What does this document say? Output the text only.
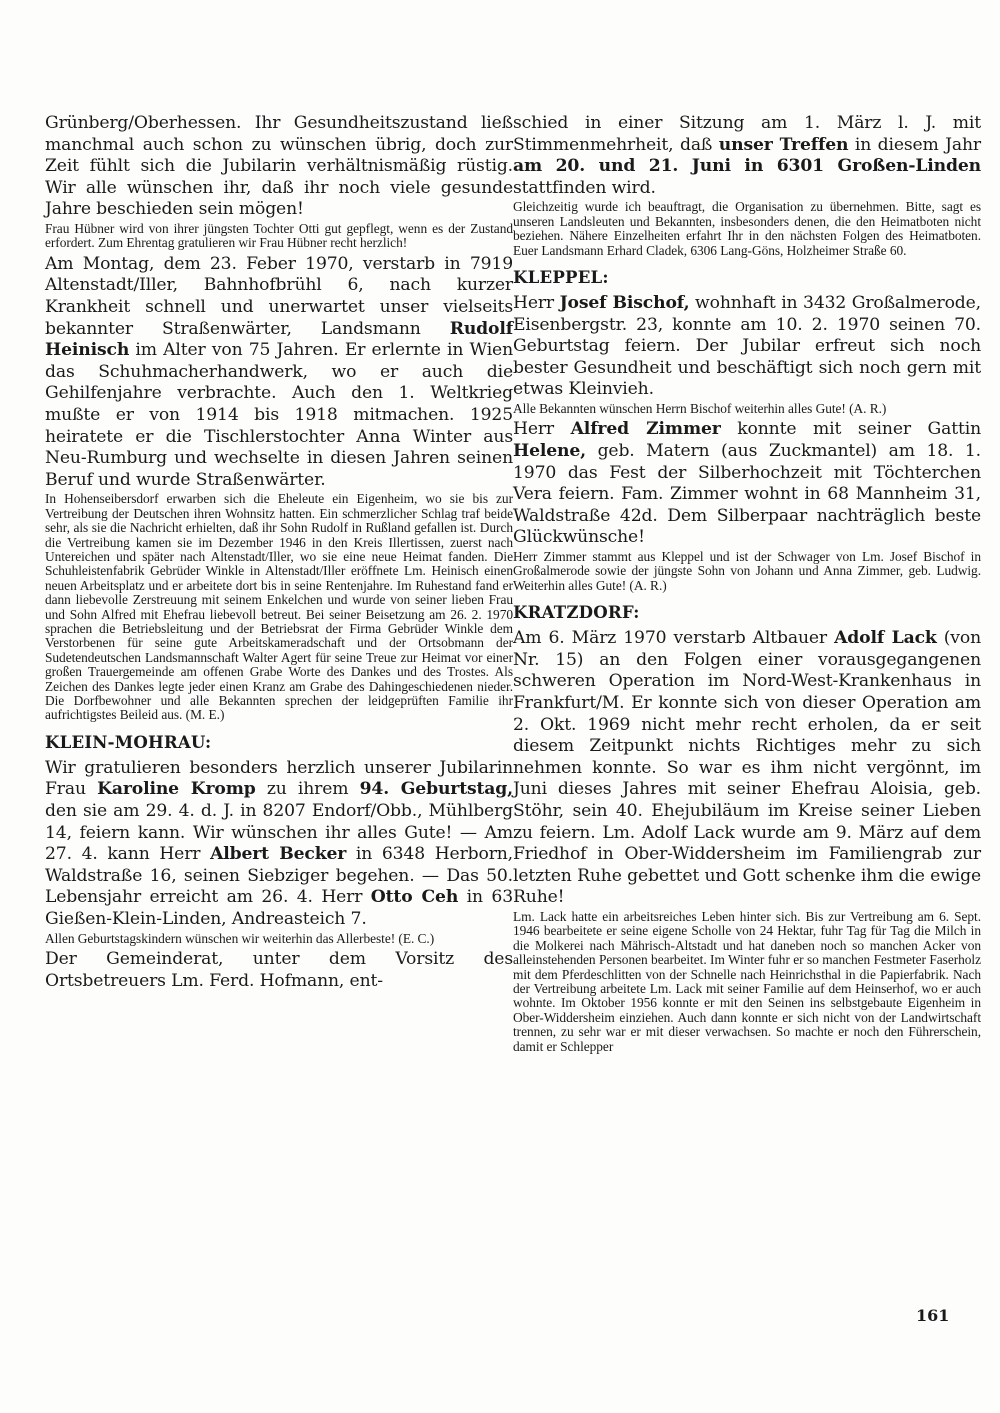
Grünberg/Oberhessen. Ihr Gesundheitszustand ließ manchmal auch schon zu wünschen übrig, doch zur Zeit fühlt sich die Jubilarin verhältnismäßig rüstig. Wir alle wünschen ihr, daß ihr noch viele gesunde Jahre beschieden sein mögen!

Frau Hübner wird von ihrer jüngsten Tochter Otti gut gepflegt, wenn es der Zustand erfordert. Zum Ehrentag gratulieren wir Frau Hübner recht herzlich!

Am Montag, dem 23. Feber 1970, verstarb in 7919 Altenstadt/Iller, Bahnhofbrühl 6, nach kurzer Krankheit schnell und unerwartet unser vielseits bekannter Straßenwärter, Landsmann Rudolf Heinisch im Alter von 75 Jahren. Er erlernte in Wien das Schuhmacherhandwerk, wo er auch die Gehilfenjahre verbrachte. Auch den 1. Weltkrieg mußte er von 1914 bis 1918 mitmachen. 1925 heiratete er die Tischlerstochter Anna Winter aus Neu-Rumburg und wechselte in diesen Jahren seinen Beruf und wurde Straßenwärter.

In Hohenseibersdorf erwarben sich die Eheleute ein Eigenheim, wo sie bis zur Vertreibung der Deutschen ihren Wohnsitz hatten. Ein schmerzlicher Schlag traf beide sehr, als sie die Nachricht erhielten, daß ihr Sohn Rudolf in Rußland gefallen ist. Durch die Vertreibung kamen sie im Dezember 1946 in den Kreis Illertissen, zuerst nach Untereichen und später nach Altenstadt/Iller, wo sie eine neue Heimat fanden. Die Schuhleistenfabrik Gebrüder Winkle in Altenstadt/Iller eröffnete Lm. Heinisch einen neuen Arbeitsplatz und er arbeitete dort bis in seine Rentenjahre. Im Ruhestand fand er dann liebevolle Zerstreuung mit seinem Enkelchen und wurde von seiner lieben Frau und Sohn Alfred mit Ehefrau liebevoll betreut. Bei seiner Beisetzung am 26. 2. 1970 sprachen die Betriebsleitung und der Betriebsrat der Firma Gebrüder Winkle dem Verstorbenen für seine gute Arbeitskameradschaft und der Ortsobmann der Sudetendeutschen Landsmannschaft Walter Agert für seine Treue zur Heimat vor einer großen Trauergemeinde am offenen Grabe Worte des Dankes und des Trostes. Als Zeichen des Dankes legte jeder einen Kranz am Grabe des Dahingeschiedenen nieder. Die Dorfbewohner und alle Bekannten sprechen der leidgeprüften Familie ihr aufrichtigstes Beileid aus. (M. E.)

KLEIN-MOHRAU:

Wir gratulieren besonders herzlich unserer Jubilarin Frau Karoline Kromp zu ihrem 94. Geburtstag, den sie am 29. 4. d. J. in 8207 Endorf/Obb., Mühlberg 14, feiern kann. Wir wünschen ihr alles Gute! — Am 27. 4. kann Herr Albert Becker in 6348 Herborn, Waldstraße 16, seinen Siebziger begehen. — Das 50. Lebensjahr erreicht am 26. 4. Herr Otto Ceh in 63 Gießen-Klein-Linden, Andreasteich 7.

Allen Geburtstagskindern wünschen wir weiterhin das Allerbeste! (E. C.)

Der Gemeinderat, unter dem Vorsitz des Ortsbetreuers Lm. Ferd. Hofmann, ent-

schied in einer Sitzung am 1. März l. J. mit Stimmenmehrheit, daß unser Treffen in diesem Jahr am 20. und 21. Juni in 6301 Großen-Linden stattfinden wird.

Gleichzeitig wurde ich beauftragt, die Organisation zu übernehmen. Bitte, sagt es unseren Landsleuten und Bekannten, insbesonders denen, die den Heimatboten nicht beziehen. Nähere Einzelheiten erfahrt Ihr in den nächsten Folgen des Heimatboten. Euer Landsmann Erhard Cladek, 6306 Lang-Göns, Holzheimer Straße 60.

KLEPPEL:

Herr Josef Bischof, wohnhaft in 3432 Großalmerode, Eisenbergstr. 23, konnte am 10. 2. 1970 seinen 70. Geburtstag feiern. Der Jubilar erfreut sich noch bester Gesundheit und beschäftigt sich noch gern mit etwas Kleinvieh.

Alle Bekannten wünschen Herrn Bischof weiterhin alles Gute! (A. R.)

Herr Alfred Zimmer konnte mit seiner Gattin Helene, geb. Matern (aus Zuckmantel) am 18. 1. 1970 das Fest der Silberhochzeit mit Töchterchen Vera feiern. Fam. Zimmer wohnt in 68 Mannheim 31, Waldstraße 42d. Dem Silberpaar nachträglich beste Glückwünsche!

Herr Zimmer stammt aus Kleppel und ist der Schwager von Lm. Josef Bischof in Großalmerode sowie der jüngste Sohn von Johann und Anna Zimmer, geb. Ludwig. Weiterhin alles Gute! (A. R.)

KRATZDORF:

Am 6. März 1970 verstarb Altbauer Adolf Lack (von Nr. 15) an den Folgen einer vorausgegangenen schweren Operation im Nord-West-Krankenhaus in Frankfurt/M. Er konnte sich von dieser Operation am 2. Okt. 1969 nicht mehr recht erholen, da er seit diesem Zeitpunkt nichts Richtiges mehr zu sich nehmen konnte. So war es ihm nicht vergönnt, im Juni dieses Jahres mit seiner Ehefrau Aloisia, geb. Stöhr, sein 40. Ehejubiläum im Kreise seiner Lieben zu feiern. Lm. Adolf Lack wurde am 9. März auf dem Friedhof in Ober-Widdersheim im Familiengrab zur letzten Ruhe gebettet und Gott schenke ihm die ewige Ruhe!

Lm. Lack hatte ein arbeitsreiches Leben hinter sich. Bis zur Vertreibung am 6. Sept. 1946 bearbeitete er seine eigene Scholle von 24 Hektar, fuhr Tag für Tag die Milch in die Molkerei nach Mährisch-Altstadt und hat daneben noch so manchen Acker von alleinstehenden Personen bearbeitet. Im Winter fuhr er so manchen Festmeter Faserholz mit dem Pferdeschlitten von der Schnelle nach Heinrichsthal in die Papierfabrik. Nach der Vertreibung arbeitete Lm. Lack mit seiner Familie auf dem Heinserhof, wo er auch wohnte. Im Oktober 1956 konnte er mit den Seinen ins selbstgebaute Eigenheim in Ober-Widdersheim einziehen. Auch dann konnte er sich nicht von der Landwirtschaft trennen, zu sehr war er mit dieser verwachsen. So machte er noch den Führerschein, damit er Schlepper

161
